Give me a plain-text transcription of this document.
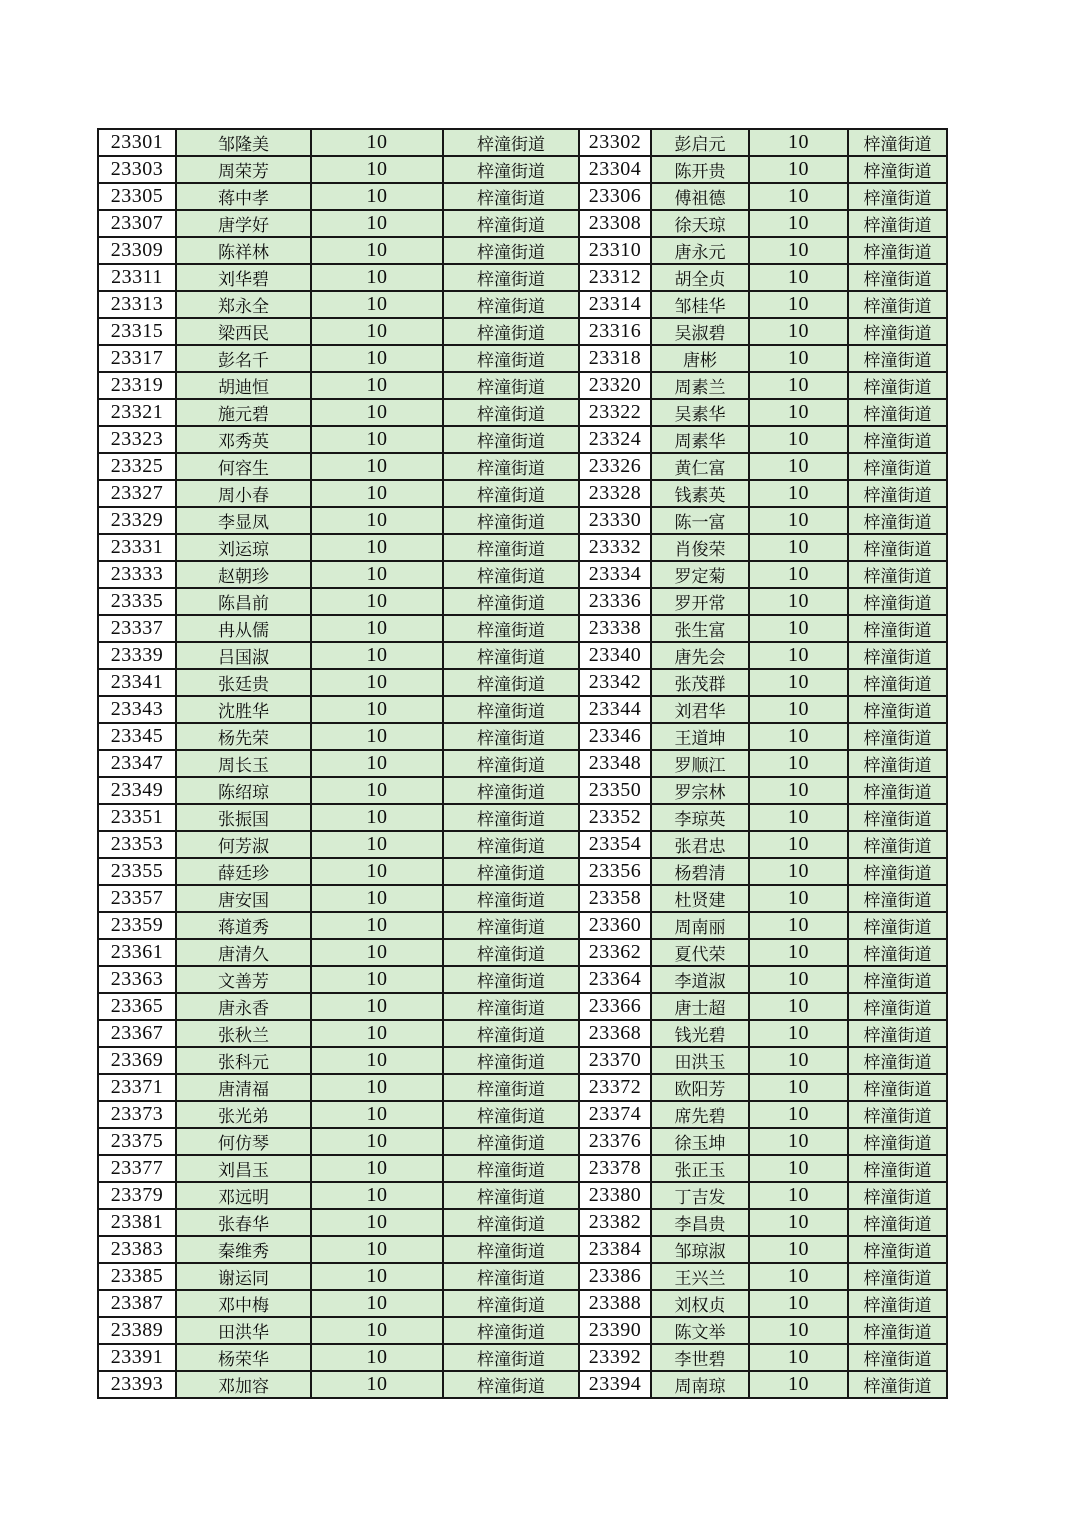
23301	邹隆美	10	梓潼街道	23302	彭启元	10	梓潼街道
23303	周荣芳	10	梓潼街道	23304	陈开贵	10	梓潼街道
23305	蒋中孝	10	梓潼街道	23306	傅祖德	10	梓潼街道
23307	唐学好	10	梓潼街道	23308	徐天琼	10	梓潼街道
23309	陈祥林	10	梓潼街道	23310	唐永元	10	梓潼街道
23311	刘华碧	10	梓潼街道	23312	胡全贞	10	梓潼街道
23313	郑永全	10	梓潼街道	23314	邹桂华	10	梓潼街道
23315	梁西民	10	梓潼街道	23316	吴淑碧	10	梓潼街道
23317	彭名千	10	梓潼街道	23318	唐彬	10	梓潼街道
23319	胡迪恒	10	梓潼街道	23320	周素兰	10	梓潼街道
23321	施元碧	10	梓潼街道	23322	吴素华	10	梓潼街道
23323	邓秀英	10	梓潼街道	23324	周素华	10	梓潼街道
23325	何容生	10	梓潼街道	23326	黄仁富	10	梓潼街道
23327	周小春	10	梓潼街道	23328	钱素英	10	梓潼街道
23329	李显凤	10	梓潼街道	23330	陈一富	10	梓潼街道
23331	刘运琼	10	梓潼街道	23332	肖俊荣	10	梓潼街道
23333	赵朝珍	10	梓潼街道	23334	罗定菊	10	梓潼街道
23335	陈昌前	10	梓潼街道	23336	罗开常	10	梓潼街道
23337	冉从儒	10	梓潼街道	23338	张生富	10	梓潼街道
23339	吕国淑	10	梓潼街道	23340	唐先会	10	梓潼街道
23341	张廷贵	10	梓潼街道	23342	张茂群	10	梓潼街道
23343	沈胜华	10	梓潼街道	23344	刘君华	10	梓潼街道
23345	杨先荣	10	梓潼街道	23346	王道坤	10	梓潼街道
23347	周长玉	10	梓潼街道	23348	罗顺江	10	梓潼街道
23349	陈绍琼	10	梓潼街道	23350	罗宗林	10	梓潼街道
23351	张振国	10	梓潼街道	23352	李琼英	10	梓潼街道
23353	何芳淑	10	梓潼街道	23354	张君忠	10	梓潼街道
23355	薛廷珍	10	梓潼街道	23356	杨碧清	10	梓潼街道
23357	唐安国	10	梓潼街道	23358	杜贤建	10	梓潼街道
23359	蒋道秀	10	梓潼街道	23360	周南丽	10	梓潼街道
23361	唐清久	10	梓潼街道	23362	夏代荣	10	梓潼街道
23363	文善芳	10	梓潼街道	23364	李道淑	10	梓潼街道
23365	唐永香	10	梓潼街道	23366	唐士超	10	梓潼街道
23367	张秋兰	10	梓潼街道	23368	钱光碧	10	梓潼街道
23369	张科元	10	梓潼街道	23370	田洪玉	10	梓潼街道
23371	唐清福	10	梓潼街道	23372	欧阳芳	10	梓潼街道
23373	张光弟	10	梓潼街道	23374	席先碧	10	梓潼街道
23375	何仿琴	10	梓潼街道	23376	徐玉坤	10	梓潼街道
23377	刘昌玉	10	梓潼街道	23378	张正玉	10	梓潼街道
23379	邓远明	10	梓潼街道	23380	丁吉发	10	梓潼街道
23381	张春华	10	梓潼街道	23382	李昌贵	10	梓潼街道
23383	秦维秀	10	梓潼街道	23384	邹琼淑	10	梓潼街道
23385	谢运同	10	梓潼街道	23386	王兴兰	10	梓潼街道
23387	邓中梅	10	梓潼街道	23388	刘权贞	10	梓潼街道
23389	田洪华	10	梓潼街道	23390	陈文举	10	梓潼街道
23391	杨荣华	10	梓潼街道	23392	李世碧	10	梓潼街道
23393	邓加容	10	梓潼街道	23394	周南琼	10	梓潼街道
